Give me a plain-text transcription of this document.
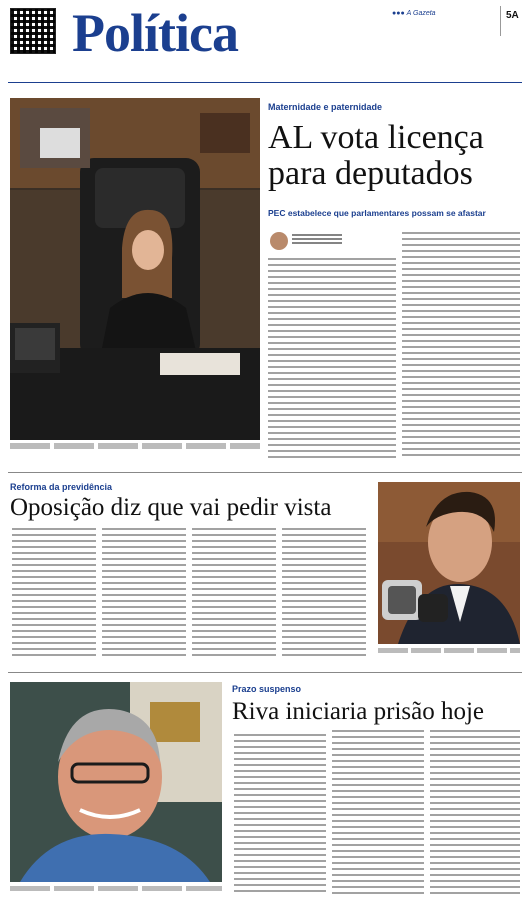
Política	●●● A Gazeta	5A
Maternidade e paternidade
AL vota licença
para deputados
PEC estabelece que parlamentares possam se afastar
Reforma da previdência
Oposição diz que vai pedir vista
Prazo suspenso
Riva iniciaria prisão hoje
